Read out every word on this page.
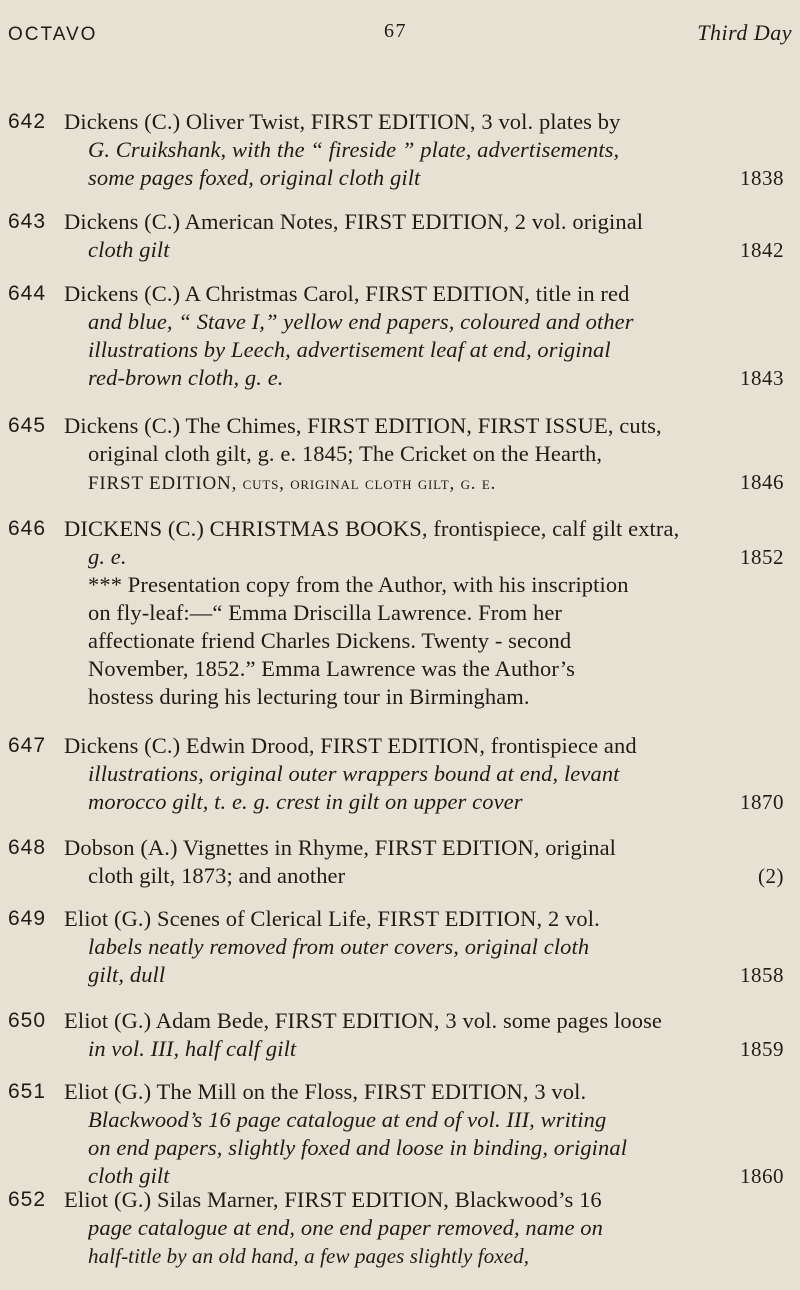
OCTAVO	67	Third Day
642 Dickens (C.) Oliver Twist, FIRST EDITION, 3 vol. plates by
G. Cruikshank, with the “ fireside ” plate, advertisements,
some pages foxed, original cloth gilt	1838
643 Dickens (C.) American Notes, FIRST EDITION, 2 vol. original
cloth gilt	1842
644 Dickens (C.) A Christmas Carol, FIRST EDITION, title in red
and blue, “ Stave I,” yellow end papers, coloured and other
illustrations by Leech, advertisement leaf at end, original
red-brown cloth, g. e.	1843
645 Dickens (C.) The Chimes, FIRST EDITION, FIRST ISSUE, cuts,
original cloth gilt, g. e. 1845; The Cricket on the Hearth,
FIRST EDITION, cuts, original cloth gilt, g. e.	1846
646 DICKENS (C.) CHRISTMAS BOOKS, frontispiece, calf gilt extra,
g. e.	1852
*** Presentation copy from the Author, with his inscription
on fly-leaf:—“ Emma Driscilla Lawrence. From her
affectionate friend Charles Dickens. Twenty - second
November, 1852.” Emma Lawrence was the Author’s
hostess during his lecturing tour in Birmingham.
647 Dickens (C.) Edwin Drood, FIRST EDITION, frontispiece and
illustrations, original outer wrappers bound at end, levant
morocco gilt, t. e. g. crest in gilt on upper cover	1870
648 Dobson (A.) Vignettes in Rhyme, FIRST EDITION, original
cloth gilt, 1873; and another	(2)
649 Eliot (G.) Scenes of Clerical Life, FIRST EDITION, 2 vol.
labels neatly removed from outer covers, original cloth
gilt, dull	1858
650 Eliot (G.) Adam Bede, FIRST EDITION, 3 vol. some pages loose
in vol. III, half calf gilt	1859
651 Eliot (G.) The Mill on the Floss, FIRST EDITION, 3 vol.
Blackwood’s 16 page catalogue at end of vol. III, writing
on end papers, slightly foxed and loose in binding, original
cloth gilt	1860
652 Eliot (G.) Silas Marner, FIRST EDITION, Blackwood’s 16
page catalogue at end, one end paper removed, name on
half-title by an old hand, a few pages slightly foxed,
